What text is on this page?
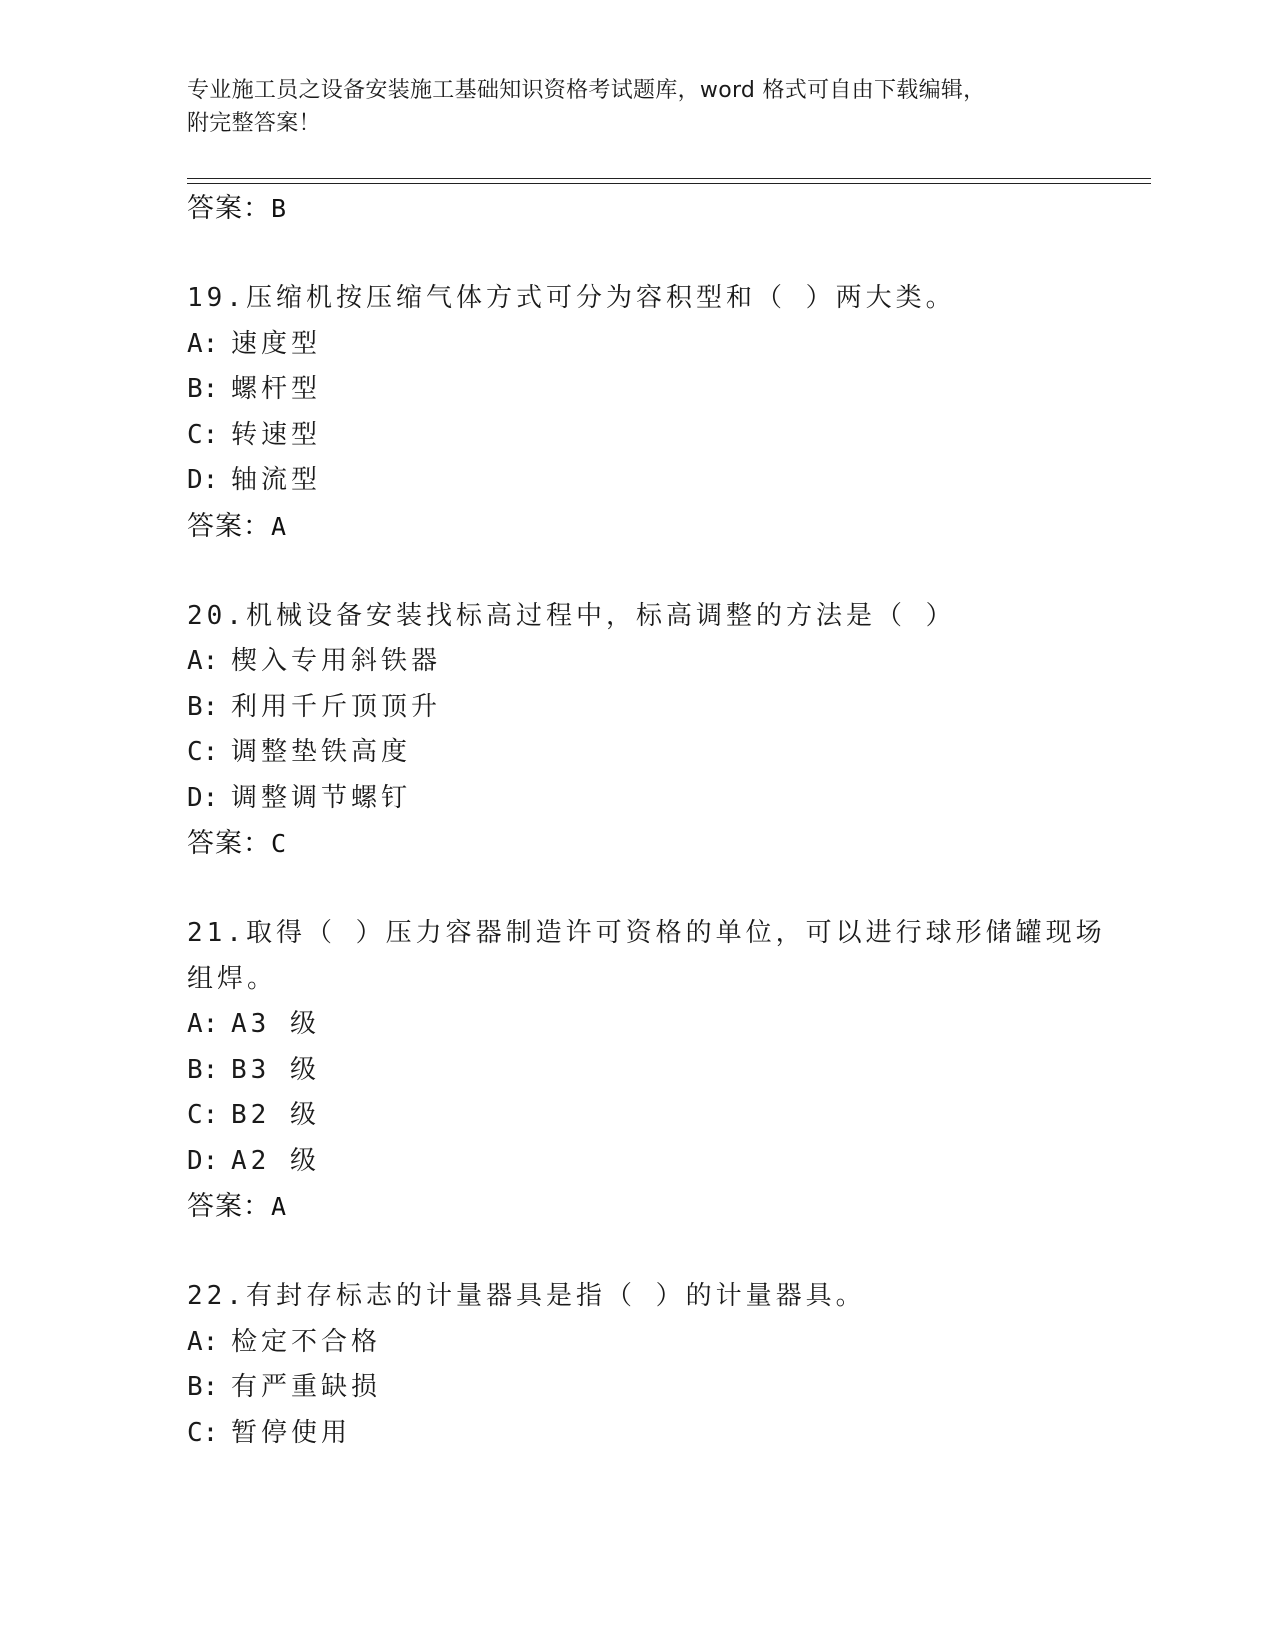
专业施工员之设备安装施工基础知识资格考试题库，word 格式可自由下载编辑，
附完整答案！
答案：B
19.压缩机按压缩气体方式可分为容积型和（ ）两大类。
A: 速度型
B: 螺杆型
C: 转速型
D: 轴流型
答案：A
20.机械设备安装找标高过程中，标高调整的方法是（ ）
A: 楔入专用斜铁器
B: 利用千斤顶顶升
C: 调整垫铁高度
D: 调整调节螺钉
答案：C
21.取得（ ）压力容器制造许可资格的单位，可以进行球形储罐现场
组焊。
A: A3 级
B: B3 级
C: B2 级
D: A2 级
答案：A
22.有封存标志的计量器具是指（ ）的计量器具。
A: 检定不合格
B: 有严重缺损
C: 暂停使用
